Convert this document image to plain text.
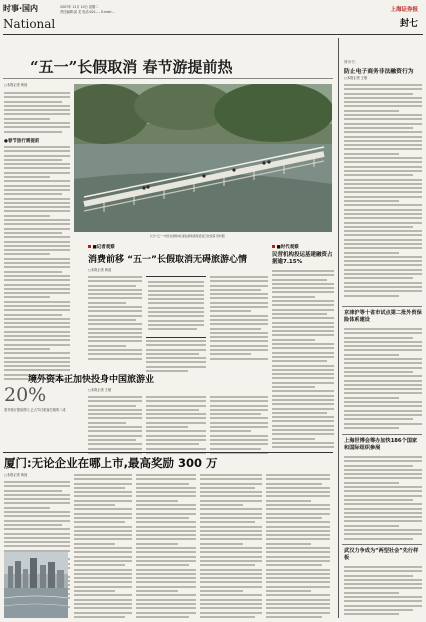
时事·国内
National
2007年 11月 10日 星期二
责任编辑:邱 龙 电话:021-… E-mail:…	上海证券报
封七
“五一”长假取消 春节游提前热
□本报记者 黄庭
●春节旅行需提前
长沙“五一”市民出游休闲,现在游客游览感受已改变等 资料图
■记者观察
消费前移 “五一”长假取消无碍旅游心情
□本报记者 黄庭
20%
春节旅行提前预订,已占节日旅客总数的二成
境外资本正加快投身中国旅游业
□本报记者 王敏
厦门:无论企业在哪上市,最高奖励 300 万
□本报记者 黄庭
■时代观察
民营机构投运基建融资占据逾7.15%
简讯·栏
防止电子商务非法融资行为
□本报记者 王敏
京津沪等十省市试点第二批外贸保险体系建设
上海世博会筹办加快186个国家和国际组织参展
武汉力争成为“两型社会”先行样板
